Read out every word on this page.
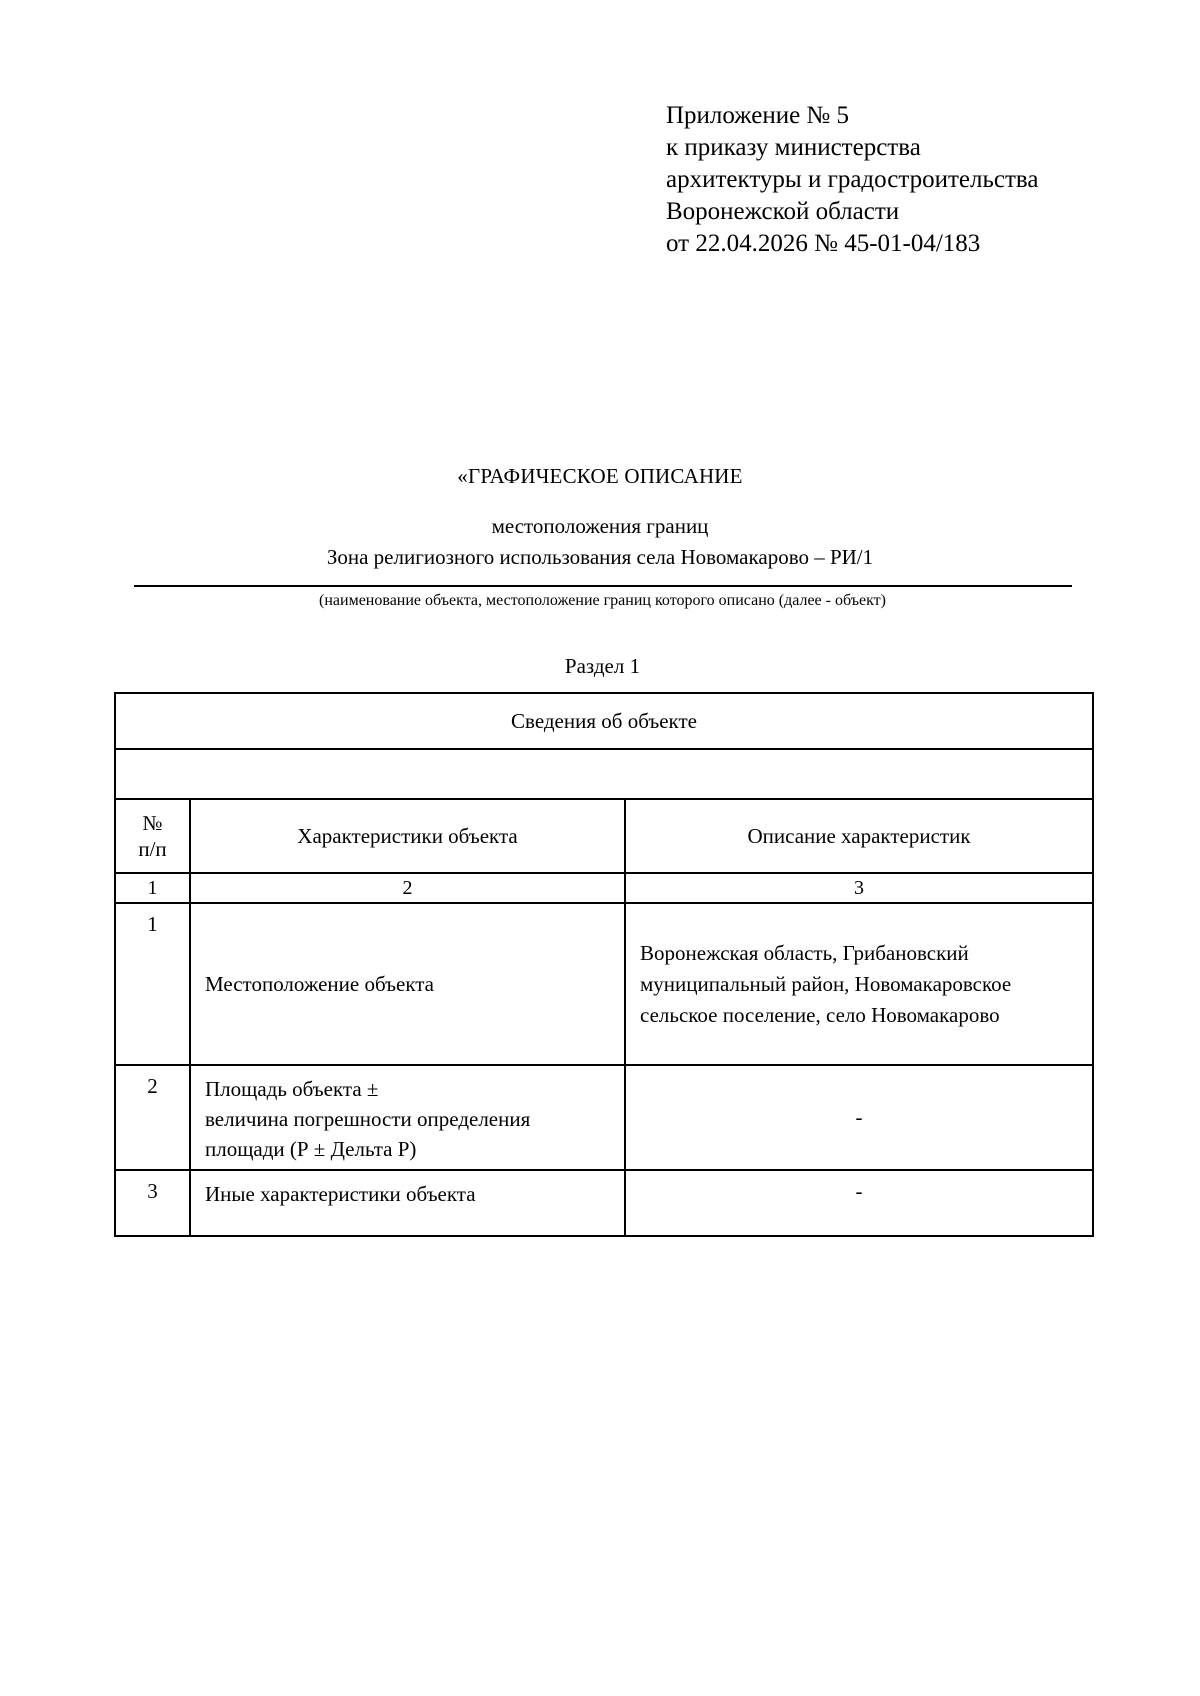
Приложение № 5
к приказу министерства
архитектуры и градостроительства
Воронежской области
от 22.04.2026 № 45-01-04/183
«ГРАФИЧЕСКОЕ ОПИСАНИЕ
местоположения границ
Зона религиозного использования села Новомакарово – РИ/1
(наименование объекта, местоположение границ которого описано (далее - объект)
Раздел 1
Сведения об объекте		

№
п/п	Характеристики объекта	Описание характеристик
1	2	3
1	Местоположение объекта	Воронежская область, Грибановский
муниципальный район, Новомакаровское
сельское поселение, село Новомакарово

2	Площадь объекта ±
величина погрешности определения
площади (Р ± Дельта Р)	-
3	Иные характеристики объекта	-
